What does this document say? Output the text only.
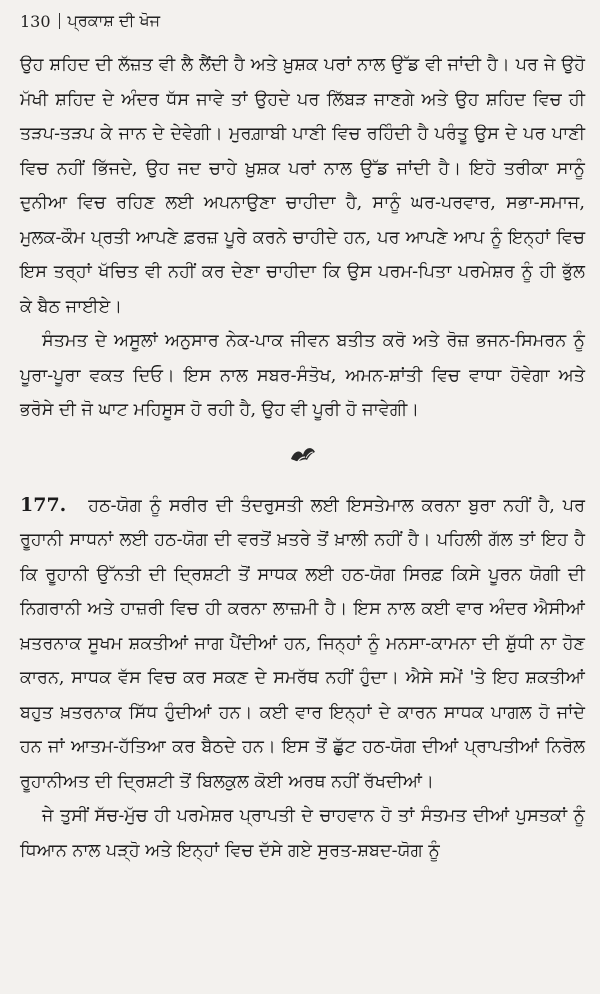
130 ਪ੍ਰਕਾਸ਼ ਦੀ ਖੋਜ

ਉਹ ਸ਼ਹਿਦ ਦੀ ਲੱਜ਼ਤ ਵੀ ਲੈ ਲੈਂਦੀ ਹੈ ਅਤੇ ਖ਼ੁਸ਼ਕ ਪਰਾਂ ਨਾਲ ਉੱਡ ਵੀ ਜਾਂਦੀ ਹੈ। ਪਰ ਜੇ ਉਹੋ ਮੱਖੀ ਸ਼ਹਿਦ ਦੇ ਅੰਦਰ ਧੱਸ ਜਾਵੇ ਤਾਂ ਉਹਦੇ ਪਰ ਲਿੱਬੜ ਜਾਣਗੇ ਅਤੇ ਉਹ ਸ਼ਹਿਦ ਵਿਚ ਹੀ ਤੜਪ-ਤੜਪ ਕੇ ਜਾਨ ਦੇ ਦੇਵੇਗੀ। ਮੁਰਗ਼ਾਬੀ ਪਾਣੀ ਵਿਚ ਰਹਿੰਦੀ ਹੈ ਪਰੰਤੂ ਉਸ ਦੇ ਪਰ ਪਾਣੀ ਵਿਚ ਨਹੀਂ ਭਿੱਜਦੇ, ਉਹ ਜਦ ਚਾਹੇ ਖ਼ੁਸ਼ਕ ਪਰਾਂ ਨਾਲ ਉੱਡ ਜਾਂਦੀ ਹੈ। ਇਹੋ ਤਰੀਕਾ ਸਾਨੂੰ ਦੁਨੀਆ ਵਿਚ ਰਹਿਣ ਲਈ ਅਪਨਾਉਣਾ ਚਾਹੀਦਾ ਹੈ, ਸਾਨੂੰ ਘਰ-ਪਰਵਾਰ, ਸਭਾ-ਸਮਾਜ, ਮੁਲਕ-ਕੌਮ ਪ੍ਰਤੀ ਆਪਣੇ ਫ਼ਰਜ਼ ਪੂਰੇ ਕਰਨੇ ਚਾਹੀਦੇ ਹਨ, ਪਰ ਆਪਣੇ ਆਪ ਨੂੰ ਇਨ੍ਹਾਂ ਵਿਚ ਇਸ ਤਰ੍ਹਾਂ ਖੱਚਿਤ ਵੀ ਨਹੀਂ ਕਰ ਦੇਣਾ ਚਾਹੀਦਾ ਕਿ ਉਸ ਪਰਮ-ਪਿਤਾ ਪਰਮੇਸ਼ਰ ਨੂੰ ਹੀ ਭੁੱਲ ਕੇ ਬੈਠ ਜਾਈਏ।

ਸੰਤਮਤ ਦੇ ਅਸੂਲਾਂ ਅਨੁਸਾਰ ਨੇਕ-ਪਾਕ ਜੀਵਨ ਬਤੀਤ ਕਰੋ ਅਤੇ ਰੋਜ਼ ਭਜਨ-ਸਿਮਰਨ ਨੂੰ ਪੂਰਾ-ਪੂਰਾ ਵਕਤ ਦਿਓ। ਇਸ ਨਾਲ ਸਬਰ-ਸੰਤੋਖ, ਅਮਨ-ਸ਼ਾਂਤੀ ਵਿਚ ਵਾਧਾ ਹੋਵੇਗਾ ਅਤੇ ਭਰੋਸੇ ਦੀ ਜੋ ਘਾਟ ਮਹਿਸੂਸ ਹੋ ਰਹੀ ਹੈ, ਉਹ ਵੀ ਪੂਰੀ ਹੋ ਜਾਵੇਗੀ।

177. ਹਠ-ਯੋਗ ਨੂੰ ਸਰੀਰ ਦੀ ਤੰਦਰੁਸਤੀ ਲਈ ਇਸਤੇਮਾਲ ਕਰਨਾ ਬੁਰਾ ਨਹੀਂ ਹੈ, ਪਰ ਰੂਹਾਨੀ ਸਾਧਨਾਂ ਲਈ ਹਠ-ਯੋਗ ਦੀ ਵਰਤੋਂ ਖ਼ਤਰੇ ਤੋਂ ਖ਼ਾਲੀ ਨਹੀਂ ਹੈ। ਪਹਿਲੀ ਗੱਲ ਤਾਂ ਇਹ ਹੈ ਕਿ ਰੂਹਾਨੀ ਉੱਨਤੀ ਦੀ ਦ੍ਰਿਸ਼ਟੀ ਤੋਂ ਸਾਧਕ ਲਈ ਹਠ-ਯੋਗ ਸਿਰਫ਼ ਕਿਸੇ ਪੂਰਨ ਯੋਗੀ ਦੀ ਨਿਗਰਾਨੀ ਅਤੇ ਹਾਜ਼ਰੀ ਵਿਚ ਹੀ ਕਰਨਾ ਲਾਜ਼ਮੀ ਹੈ। ਇਸ ਨਾਲ ਕਈ ਵਾਰ ਅੰਦਰ ਐਸੀਆਂ ਖ਼ਤਰਨਾਕ ਸੂਖਮ ਸ਼ਕਤੀਆਂ ਜਾਗ ਪੈਂਦੀਆਂ ਹਨ, ਜਿਨ੍ਹਾਂ ਨੂੰ ਮਨਸਾ-ਕਾਮਨਾ ਦੀ ਸ਼ੁੱਧੀ ਨਾ ਹੋਣ ਕਾਰਨ, ਸਾਧਕ ਵੱਸ ਵਿਚ ਕਰ ਸਕਣ ਦੇ ਸਮਰੱਥ ਨਹੀਂ ਹੁੰਦਾ। ਐਸੇ ਸਮੇਂ 'ਤੇ ਇਹ ਸ਼ਕਤੀਆਂ ਬਹੁਤ ਖ਼ਤਰਨਾਕ ਸਿੱਧ ਹੁੰਦੀਆਂ ਹਨ। ਕਈ ਵਾਰ ਇਨ੍ਹਾਂ ਦੇ ਕਾਰਨ ਸਾਧਕ ਪਾਗਲ ਹੋ ਜਾਂਦੇ ਹਨ ਜਾਂ ਆਤਮ-ਹੱਤਿਆ ਕਰ ਬੈਠਦੇ ਹਨ। ਇਸ ਤੋਂ ਛੁੱਟ ਹਠ-ਯੋਗ ਦੀਆਂ ਪ੍ਰਾਪਤੀਆਂ ਨਿਰੋਲ ਰੂਹਾਨੀਅਤ ਦੀ ਦ੍ਰਿਸ਼ਟੀ ਤੋਂ ਬਿਲਕੁਲ ਕੋਈ ਅਰਥ ਨਹੀਂ ਰੱਖਦੀਆਂ।

ਜੇ ਤੁਸੀਂ ਸੱਚ-ਮੁੱਚ ਹੀ ਪਰਮੇਸ਼ਰ ਪ੍ਰਾਪਤੀ ਦੇ ਚਾਹਵਾਨ ਹੋ ਤਾਂ ਸੰਤਮਤ ਦੀਆਂ ਪੁਸਤਕਾਂ ਨੂੰ ਧਿਆਨ ਨਾਲ ਪੜ੍ਹੋ ਅਤੇ ਇਨ੍ਹਾਂ ਵਿਚ ਦੱਸੇ ਗਏ ਸੁਰਤ-ਸ਼ਬਦ-ਯੋਗ ਨੂੰ
